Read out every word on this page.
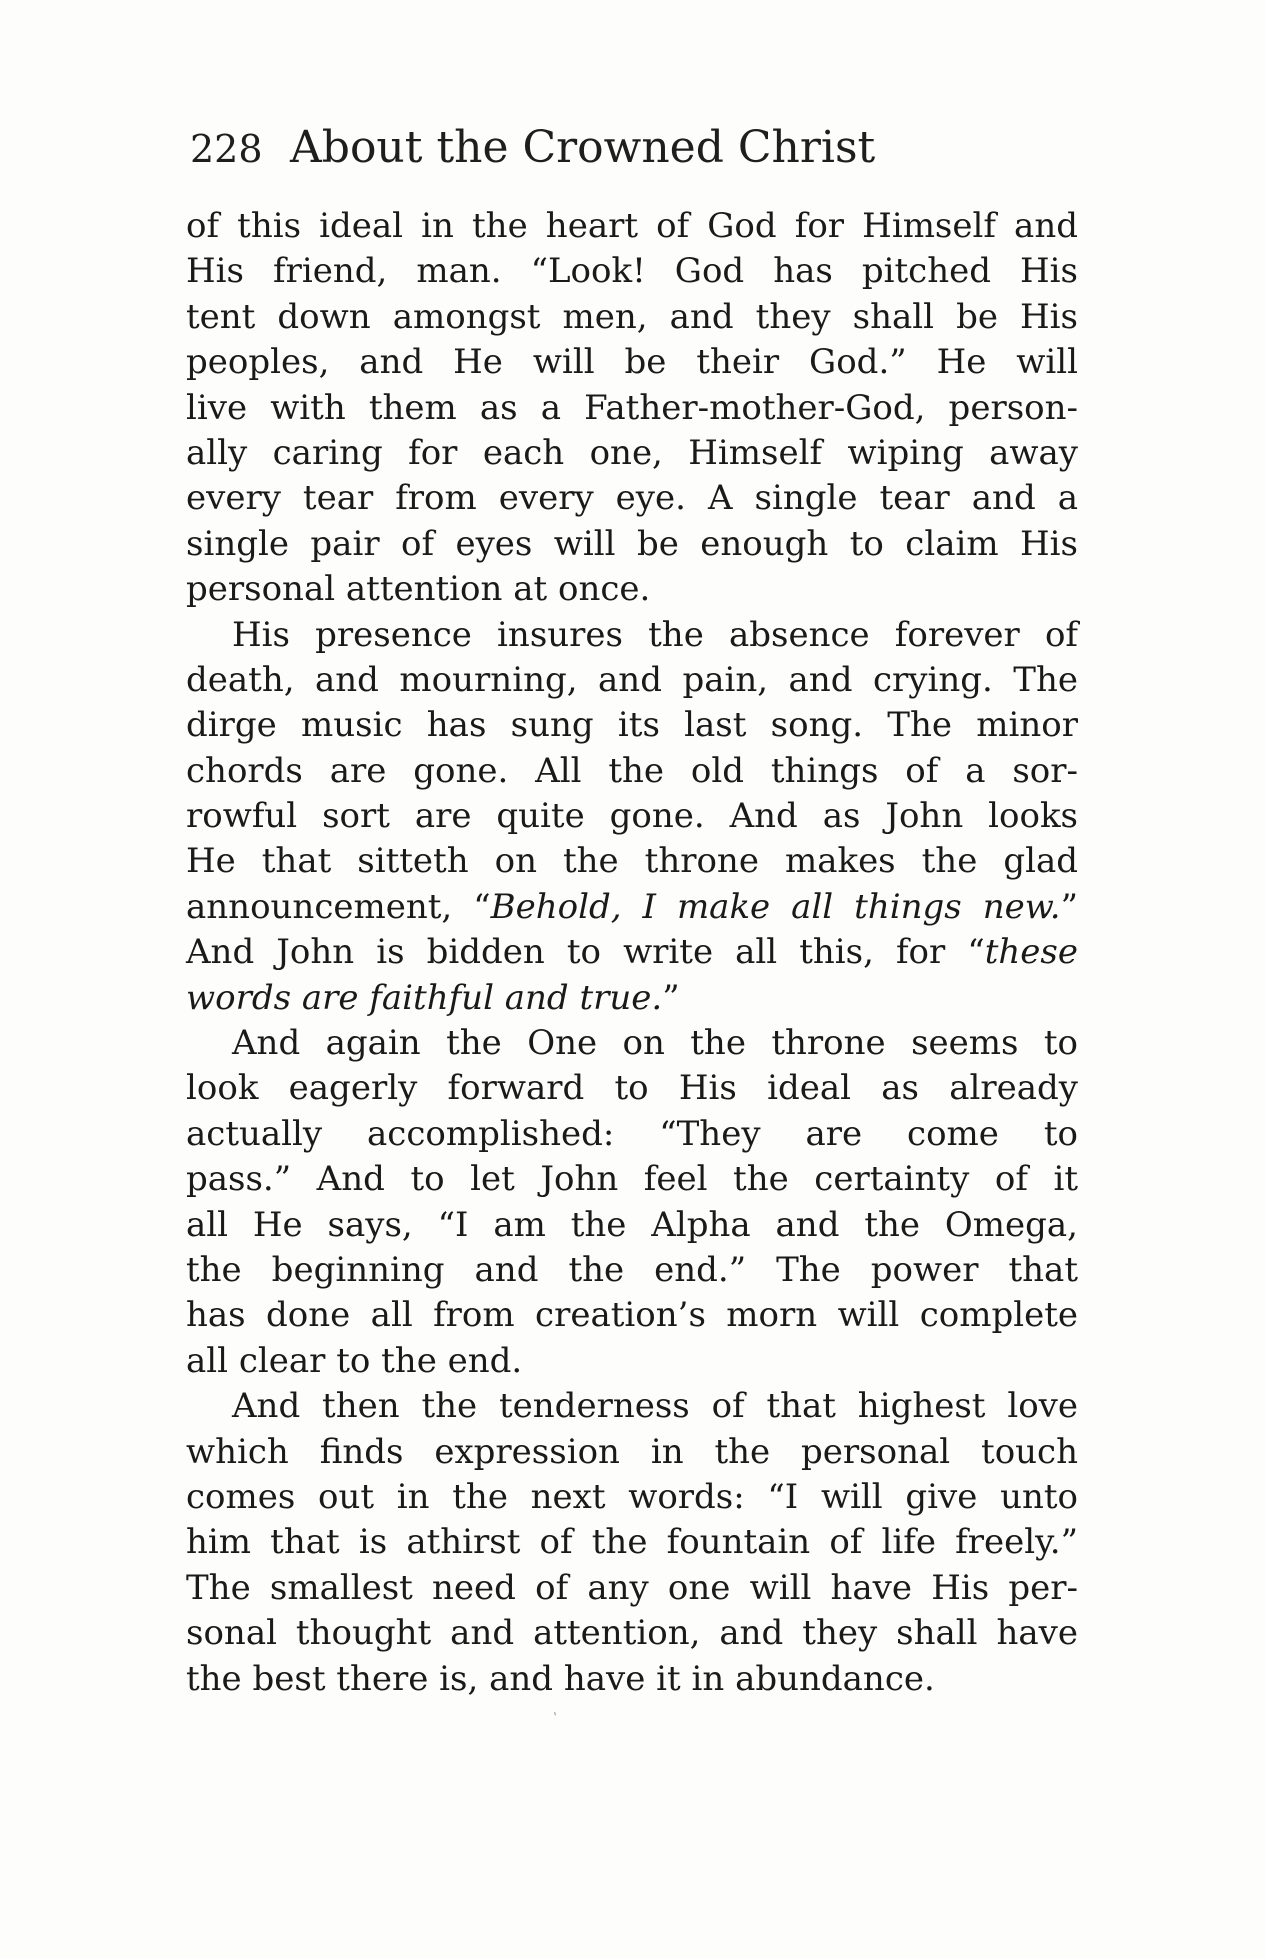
228 About the Crowned Christ
of this ideal in the heart of God for Himself and
His friend, man. “Look! God has pitched His
tent down amongst men, and they shall be His
peoples, and He will be their God.” He will
live with them as a Father-mother-God, person-
ally caring for each one, Himself wiping away
every tear from every eye. A single tear and a
single pair of eyes will be enough to claim His
personal attention at once.
His presence insures the absence forever of
death, and mourning, and pain, and crying. The
dirge music has sung its last song. The minor
chords are gone. All the old things of a sor-
rowful sort are quite gone. And as John looks
He that sitteth on the throne makes the glad
announcement, “Behold, I make all things new.”
And John is bidden to write all this, for “these
words are faithful and true.”
And again the One on the throne seems to
look eagerly forward to His ideal as already
actually accomplished: “They are come to
pass.” And to let John feel the certainty of it
all He says, “I am the Alpha and the Omega,
the beginning and the end.” The power that
has done all from creation’s morn will complete
all clear to the end.
And then the tenderness of that highest love
which finds expression in the personal touch
comes out in the next words: “I will give unto
him that is athirst of the fountain of life freely.”
The smallest need of any one will have His per-
sonal thought and attention, and they shall have
the best there is, and have it in abundance.
ˋ
